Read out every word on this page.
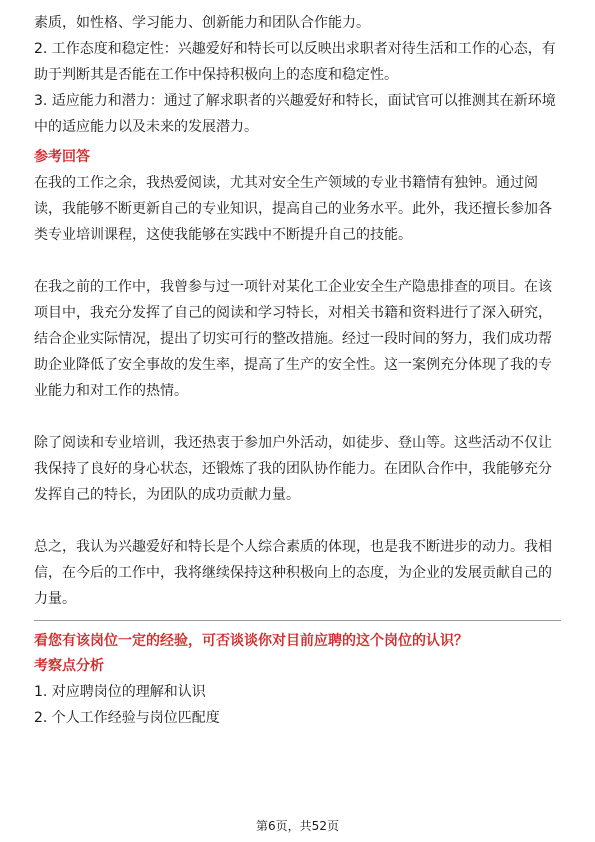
素质，如性格、学习能力、创新能力和团队合作能力。

2. 工作态度和稳定性：兴趣爱好和特长可以反映出求职者对待生活和工作的心态，有助于判断其是否能在工作中保持积极向上的态度和稳定性。

3. 适应能力和潜力：通过了解求职者的兴趣爱好和特长，面试官可以推测其在新环境中的适应能力以及未来的发展潜力。

参考回答

在我的工作之余，我热爱阅读，尤其对安全生产领域的专业书籍情有独钟。通过阅读，我能够不断更新自己的专业知识，提高自己的业务水平。此外，我还擅长参加各类专业培训课程，这使我能够在实践中不断提升自己的技能。

在我之前的工作中，我曾参与过一项针对某化工企业安全生产隐患排查的项目。在该项目中，我充分发挥了自己的阅读和学习特长，对相关书籍和资料进行了深入研究，结合企业实际情况，提出了切实可行的整改措施。经过一段时间的努力，我们成功帮助企业降低了安全事故的发生率，提高了生产的安全性。这一案例充分体现了我的专业能力和对工作的热情。

除了阅读和专业培训，我还热衷于参加户外活动，如徒步、登山等。这些活动不仅让我保持了良好的身心状态，还锻炼了我的团队协作能力。在团队合作中，我能够充分发挥自己的特长，为团队的成功贡献力量。

总之，我认为兴趣爱好和特长是个人综合素质的体现，也是我不断进步的动力。我相信，在今后的工作中，我将继续保持这种积极向上的态度，为企业的发展贡献自己的力量。

看您有该岗位一定的经验，可否谈谈你对目前应聘的这个岗位的认识？

考察点分析

1. 对应聘岗位的理解和认识

2. 个人工作经验与岗位匹配度

第6页，共52页
